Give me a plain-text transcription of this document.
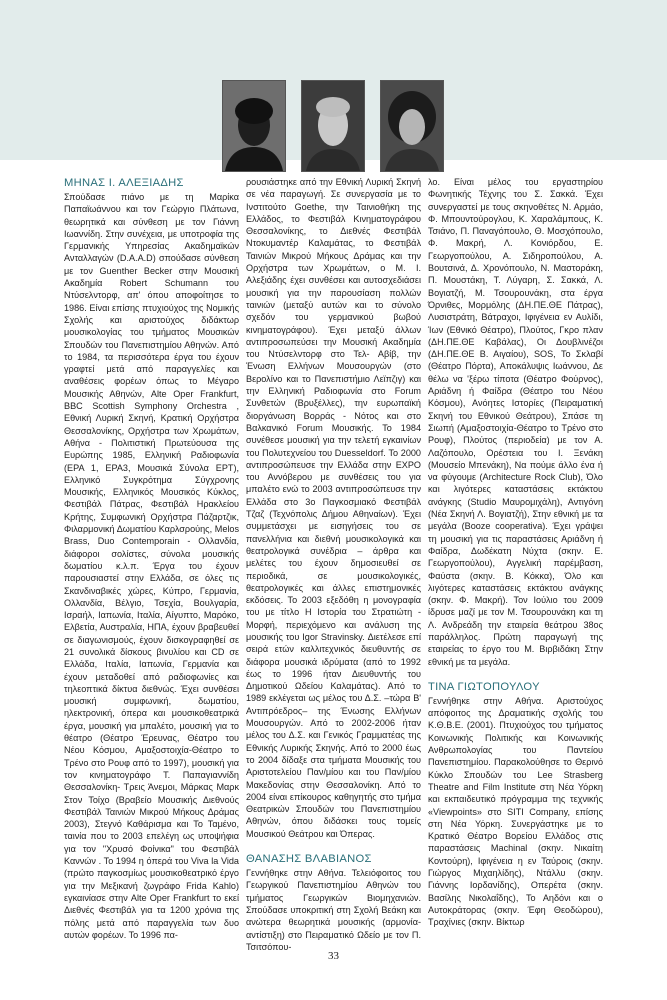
ΜΗΝΑΣ Ι. ΑΛΕΞΙΑΔΗΣ

Σπούδασε πιάνο με τη Μαρίκα Παπαϊωάννου και τον Γεώργιο Πλάτωνα, θεωρητικά και σύνθεση με τον Γιάννη Ιωαννίδη. Στην συνέχεια, με υποτροφία της Γερμανικής Υπηρεσίας Ακαδημαϊκών Ανταλλαγών (D.A.A.D) σπούδασε σύνθεση με τον Guenther Becker στην Μουσική Ακαδημία Robert Schumann του Ντύσελντορφ, απ' όπου αποφοίτησε το 1986. Είναι επίσης πτυχιούχος της Νομικής Σχολής και αριστούχος διδάκτωρ μουσικολογίας του τμήματος Μουσικών Σπουδών του Πανεπιστημίου Αθηνών. Από το 1984, τα περισσότερα έργα του έχουν γραφτεί μετά από παραγγελίες και αναθέσεις φορέων όπως το Μέγαρο Μουσικής Αθηνών, Alte Oper Frankfurt, BBC Scottish Symphony Orchestra , Εθνική Λυρική Σκηνή, Κρατική Ορχήστρα Θεσσαλονίκης, Ορχήστρα των Χρωμάτων, Αθήνα - Πολιτιστική Πρωτεύουσα της Ευρώπης 1985, Ελληνική Ραδιοφωνία (ΕΡΑ 1, ΕΡΑ3, Μουσικά Σύνολα ΕΡΤ), Ελληνικό Συγκρότημα Σύγχρονης Μουσικής, Ελληνικός Μουσικός Κύκλος, Φεστιβάλ Πάτρας, Φεστιβάλ Ηρακλείου Κρήτης, Συμφωνική Ορχήστρα Πάζαρτζικ, Φιλαρμονική Δωματίου Καρλσρούης, Melos Brass, Duo Contemporain - Ολλανδία, διάφοροι σολίστες, σύνολα μουσικής δωματίου κ.λ.π. Έργα του έχουν παρουσιαστεί στην Ελλάδα, σε όλες τις Σκανδιναβικές χώρες, Κύπρο, Γερμανία, Ολλανδία, Βέλγιο, Τσεχία, Βουλγαρία, Ισραήλ, Ιαπωνία, Ιταλία, Αίγυπτο, Μαρόκο, Ελβετία, Αυστραλία, ΗΠΑ, έχουν βραβευθεί σε διαγωνισμούς, έχουν δισκογραφηθεί σε 21 συνολικά δίσκους βινυλίου και CD σε Ελλάδα, Ιταλία, Ιαπωνία, Γερμανία και έχουν μεταδοθεί από ραδιοφωνίες και τηλεοπτικά δίκτυα διεθνώς. Έχει συνθέσει μουσική συμφωνική, δωματίου, ηλεκτρονική, όπερα και μουσικοθεατρικά έργα, μουσική για μπαλέτο, μουσική για το θέατρο (Θέατρο Έρευνας, Θέατρο του Νέου Κόσμου, Αμαξοστοιχία-Θέατρο το Τρένο στο Ρουφ από το 1997), μουσική για τον κινηματογράφο Τ. Παπαγιαννίδη Θεσσαλονίκη- Τρεις Άνεμοι, Μάρκας Μαρκ Στον Τοίχο (Βραβείο Μουσικής Διεθνούς Φεστιβάλ Ταινιών Μικρού Μήκους Δράμας 2003), Στεγνό Καθάρισμα και Το Ταμένο, ταινία που το 2003 επελέγη ως υποψήφια για τον "Χρυσό Φοίνικα" του Φεστιβάλ Καννών . Το 1994 η όπερά του Viva la Vida (πρώτο παγκοσμίως μουσικοθεατρικό έργο για την Μεξικανή ζωγράφο Frida Kahlo) εγκαινίασε στην Alte Oper Frankfurt το εκεί Διεθνές Φεστιβάλ για τα 1200 χρόνια της πόλης μετά από παραγγελία των δυο αυτών φορέων. Το 1996 πα-

ρουσιάστηκε από την Εθνική Λυρική Σκηνή σε νέα παραγωγή. Σε συνεργασία με το Ινστιτούτο Goethe, την Ταινιοθήκη της Ελλάδος, το Φεστιβάλ Κινηματογράφου Θεσσαλονίκης, το Διεθνές Φεστιβάλ Ντοκυμαντέρ Καλαμάτας, το Φεστιβάλ Ταινιών Μικρού Μήκους Δράμας και την Ορχήστρα των Χρωμάτων, ο Μ. Ι. Αλεξιάδης έχει συνθέσει και αυτοσχεδιάσει μουσική για την παρουσίαση πολλών ταινιών (μεταξύ αυτών και το σύνολο σχεδόν του γερμανικού βωβού κινηματογράφου). Έχει μεταξύ άλλων αντιπροσωπεύσει την Μουσική Ακαδημία του Ντύσελντορφ στο Τελ- Αβίβ, την Ένωση Ελλήνων Μουσουργών (στο Βερολίνο και το Πανεπιστήμιο Λεϊπζιγ) και την Ελληνική Ραδιοφωνία στο Forum Συνθετών (Βρυξέλλες), την ευρωπαϊκή διοργάνωση Βορράς - Νότος και στο Βαλκανικό Forum Μουσικής. Το 1984 συνέθεσε μουσική για την τελετή εγκαινίων του Πολυτεχνείου του Duesseldorf. Το 2000 αντιπροσώπευσε την Ελλάδα στην EXPO του Αννόβερου με συνθέσεις του για μπαλέτο ενώ το 2003 αντιπροσώπευσε την Ελλάδα στο 3ο Παγκοσμιακό Φεστιβάλ Τζαζ (Τεχνόπολις Δήμου Αθηναίων). Έχει συμμετάσχει με εισηγήσεις του σε πανελλήνια και διεθνή μουσικολογικά και θεατρολογικά συνέδρια – άρθρα και μελέτες του έχουν δημοσιευθεί σε περιοδικά, σε μουσικολογικές, θεατρολογικές και άλλες επιστημονικές εκδόσεις. Το 2003 εξεδόθη η μονογραφία του με τίτλο Η Ιστορία του Στρατιώτη - Μορφή, περιεχόμενο και ανάλυση της μουσικής του Igor Stravinsky. Διετέλεσε επί σειρά ετών καλλιτεχνικός διευθυντής σε διάφορα μουσικά ιδρύματα (από το 1992 έως το 1996 ήταν Διευθυντής του Δημοτικού Ωδείου Καλαμάτας). Από το 1989 εκλέγεται ως μέλος του Δ.Σ. –τώρα Β' Αντιπρόεδρος– της Ένωσης Ελλήνων Μουσουργών. Από το 2002-2006 ήταν μέλος του Δ.Σ. και Γενικός Γραμματέας της Εθνικής Λυρικής Σκηνής. Από το 2000 έως το 2004 δίδαξε στα τμήματα Μουσικής του Αριστοτελείου Παν/μίου και του Παν/μίου Μακεδονίας στην Θεσσαλονίκη. Από το 2004 είναι επίκουρος καθηγητής στο τμήμα Θεατρικών Σπουδών του Πανεπιστημίου Αθηνών, όπου διδάσκει τους τομείς Μουσικού Θεάτρου και Όπερας.

ΘΑΝΑΣΗΣ ΒΛΑΒΙΑΝΟΣ

Γεννήθηκε στην Αθήνα. Τελειόφοιτος του Γεωργικού Πανεπιστημίου Αθηνών του τμήματος Γεωργικών Βιομηχανιών. Σπούδασε υποκριτική στη Σχολή Βεάκη και ανώτερα θεωρητικά μουσικής (αρμονία-αντίστιξη) στο Πειραματικό Ωδείο με τον Π. Τσιτσόπου-

λο. Είναι μέλος του εργαστηρίου Φωνητικής Τέχνης του Σ. Σακκά. Έχει συνεργαστεί με τους σκηνοθέτες Ν. Αρμάο, Φ. Μπουντούρογλου, Κ. Χαραλάμπους, Κ. Τσιάνο, Π. Παναγόπουλο, Θ. Μοσχόπουλο, Φ. Μακρή, Λ. Κονιόρδου, Ε. Γεωργοπούλου, Α. Σιδηροπούλου, Α. Βουτσινά, Δ. Χρονόπουλο, Ν. Μαστοράκη, Π. Μουστάκη, Τ. Λύγαρη, Σ. Σακκά, Λ. Βογιατζή, Μ. Τσουρουνάκη, στα έργα Όρνιθες, Μορμόλης (ΔΗ.ΠΕ.ΘΕ Πάτρας), Λυσιστράτη, Βάτραχοι, Ιφιγένεια εν Αυλίδι, Ίων (Εθνικό Θέατρο), Πλούτος, Γκρο πλαν (ΔΗ.ΠΕ.ΘΕ Καβάλας), Οι Δουβλινέζοι (ΔΗ.ΠΕ.ΘΕ Β. Αιγαίου), SOS, Το Σκλαβί (Θέατρο Πόρτα), Αποκάλυψις Ιωάννου, Δε θέλω να 'ξέρω τίποτα (Θέατρο Φούρνος), Αριάδνη ή Φαίδρα (Θέατρο του Νέου Κόσμου), Ανόητες Ιστορίες (Πειραματική Σκηνή του Εθνικού Θεάτρου), Σπάσε τη Σιωπή (Αμαξοστοιχία-Θέατρο το Τρένο στο Ρουφ), Πλούτος (περιοδεία) με τον Α. Λαζόπουλο, Ορέστεια του Ι. Ξενάκη (Μουσείο Μπενάκη), Να πούμε άλλο ένα ή να φύγουμε (Architecture Rock Club), Όλο και λιγότερες καταστάσεις εκτάκτου ανάγκης (Studio Μαυρομιχάλη), Αντιγόνη (Νέα Σκηνή Λ. Βογιατζή), Στην εθνική με τα μεγάλα (Booze cooperativa). Έχει γράψει τη μουσική για τις παραστάσεις Αριάδνη ή Φαίδρα, Δωδέκατη Νύχτα (σκην. Ε. Γεωργοπούλου), Αγγελική παρέμβαση, Φαύστα (σκην. Β. Κόκκα), Όλο και λιγότερες καταστάσεις εκτάκτου ανάγκης (σκην. Φ. Μακρή). Τον Ιούλιο του 2009 ίδρυσε μαζί με τον Μ. Τσουρουνάκη και τη Λ. Ανδρεάδη την εταιρεία θεάτρου 38ος παράλληλος. Πρώτη παραγωγή της εταιρείας το έργο του Μ. Βιρβιδάκη Στην εθνική με τα μεγάλα.

ΤΙΝΑ ΓΙΩΤΟΠΟΥΛΟΥ

Γεννήθηκε στην Αθήνα. Αριστούχος απόφοιτος της Δραματικής σχολής του Κ.Θ.Β.Ε. (2001). Πτυχιούχος του τμήματος Κοινωνικής Πολιτικής και Κοινωνικής Ανθρωπολογίας του Παντείου Πανεπιστημίου. Παρακολούθησε το Θερινό Κύκλο Σπουδών του Lee Strasberg Theatre and Film Institute στη Νέα Υόρκη και εκπαιδευτικό πρόγραμμα της τεχνικής «Viewpoints» στο SITI Company, επίσης στη Νέα Υόρκη. Συνεργάστηκε με το Κρατικό Θέατρο Βορείου Ελλάδος στις παραστάσεις Machinal (σκην. Νικαίτη Κοντούρη), Ιφιγένεια η εν Ταύροις (σκην. Γιώργος Μιχαηλίδης), Ντάλλυ (σκην. Γιάννης Ιορδανίδης), Οπερέτα (σκην. Βασίλης Νικολαΐδης), Το Αηδόνι και ο Αυτοκράτορας (σκην. Έφη Θεοδώρου), Τραχίνιες (σκην. Βίκτωρ

33
